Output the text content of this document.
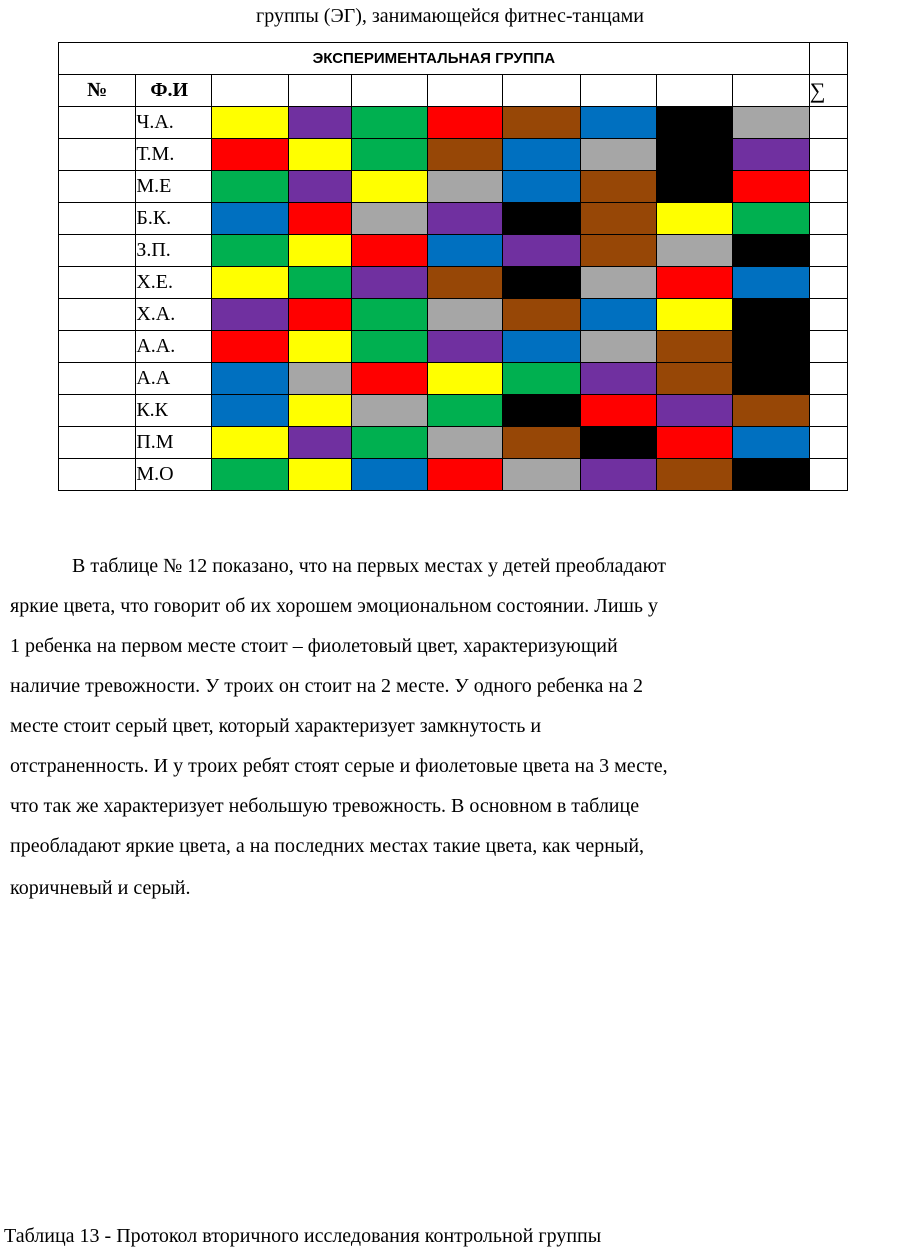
группы (ЭГ), занимающейся фитнес-танцами
ЭКСПЕРИМЕНТАЛЬНАЯ ГРУППА										
№	Ф.И									∑
	Ч.А.									
	Т.М.									
	М.Е									
	Б.К.									
	З.П.									
	Х.Е.									
	Х.А.									
	А.А.									
	А.А									
	К.К									
	П.М									
	М.О									
В таблице № 12 показано, что на первых местах у детей преобладают
яркие цвета, что говорит об их хорошем эмоциональном состоянии. Лишь у
1 ребенка на первом месте стоит – фиолетовый цвет, характеризующий
наличие тревожности. У троих он стоит на 2 месте. У одного ребенка на 2
месте стоит серый цвет, который характеризует замкнутость и
отстраненность. И у троих ребят стоят серые и фиолетовые цвета на 3 месте,
что так же характеризует небольшую тревожность. В основном в таблице
преобладают яркие цвета, а на последних местах такие цвета, как черный,
коричневый и серый.
Таблица 13 - Протокол вторичного исследования контрольной группы
